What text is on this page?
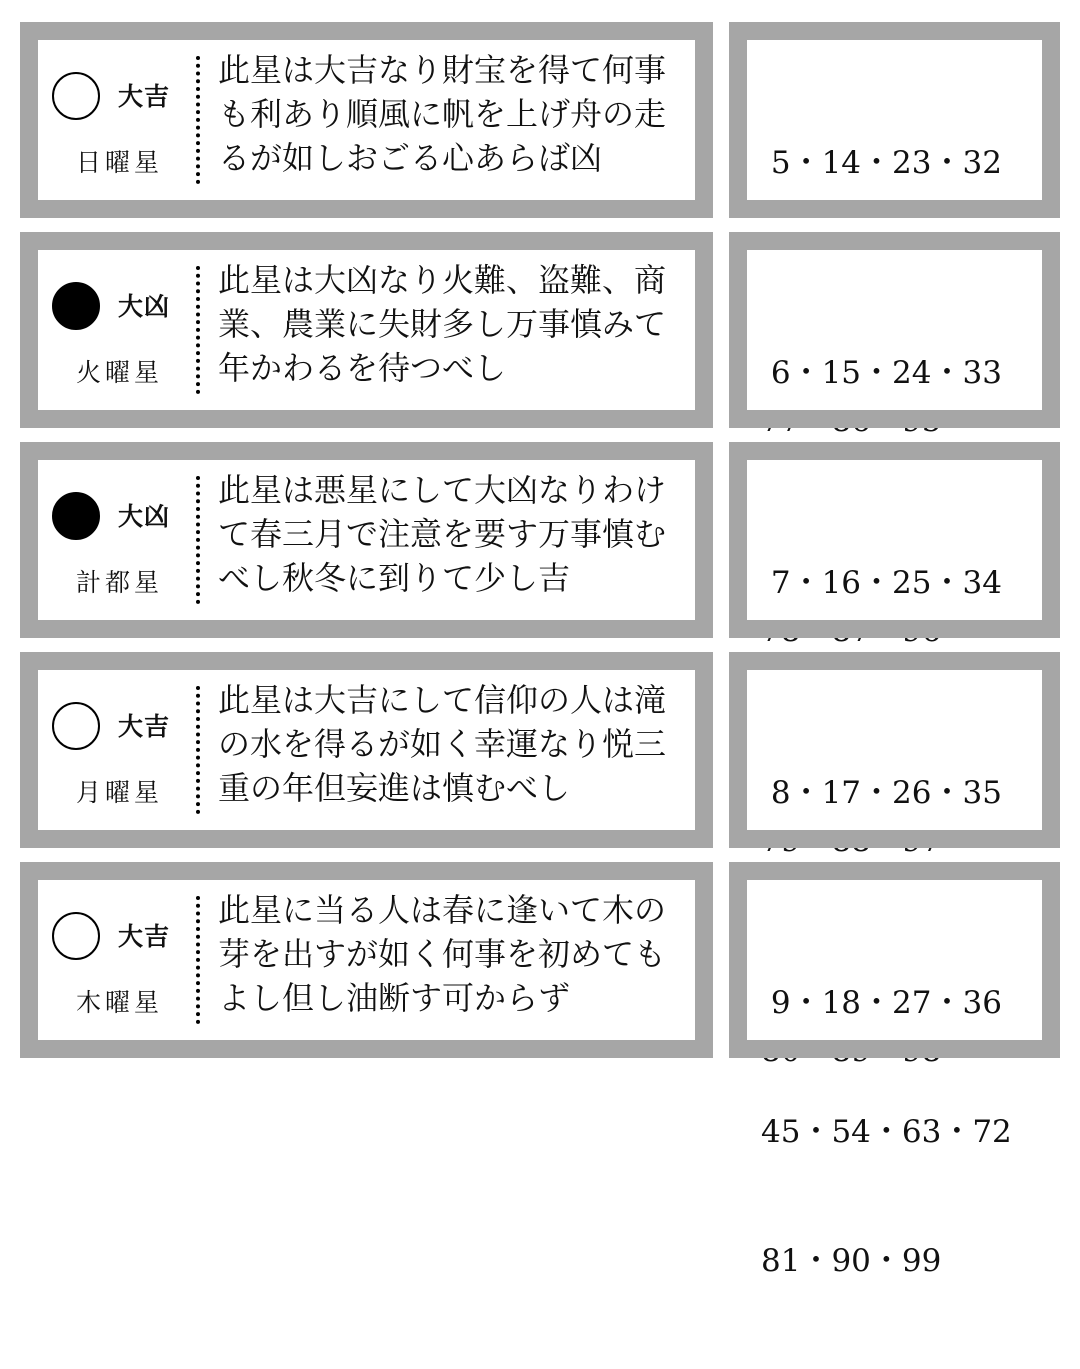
大吉
日曜星
此星は大吉なり財宝を得て何事
も利あり順風に帆を上げ舟の走
るが如しおごる心あらば凶

	5・14・23・32

大凶
火曜星
此星は大凶なり火難、盗難、商
業、農業に失財多し万事慎みて
年かわるを待つべし

	6・15・24・33

大凶
計都星
此星は悪星にして大凶なりわけ
て春三月で注意を要す万事慎む
べし秋冬に到りて少し吉

	7・16・25・34

大吉
月曜星
此星は大吉にして信仰の人は滝
の水を得るが如く幸運なり悦三
重の年但妄進は慎むべし

	8・17・26・35

大吉
木曜星
此星に当る人は春に逢いて木の
芽を出すが如く何事を初めても
よし但し油断す可からず

	9・18・27・36

45・54・63・72

81・90・99
